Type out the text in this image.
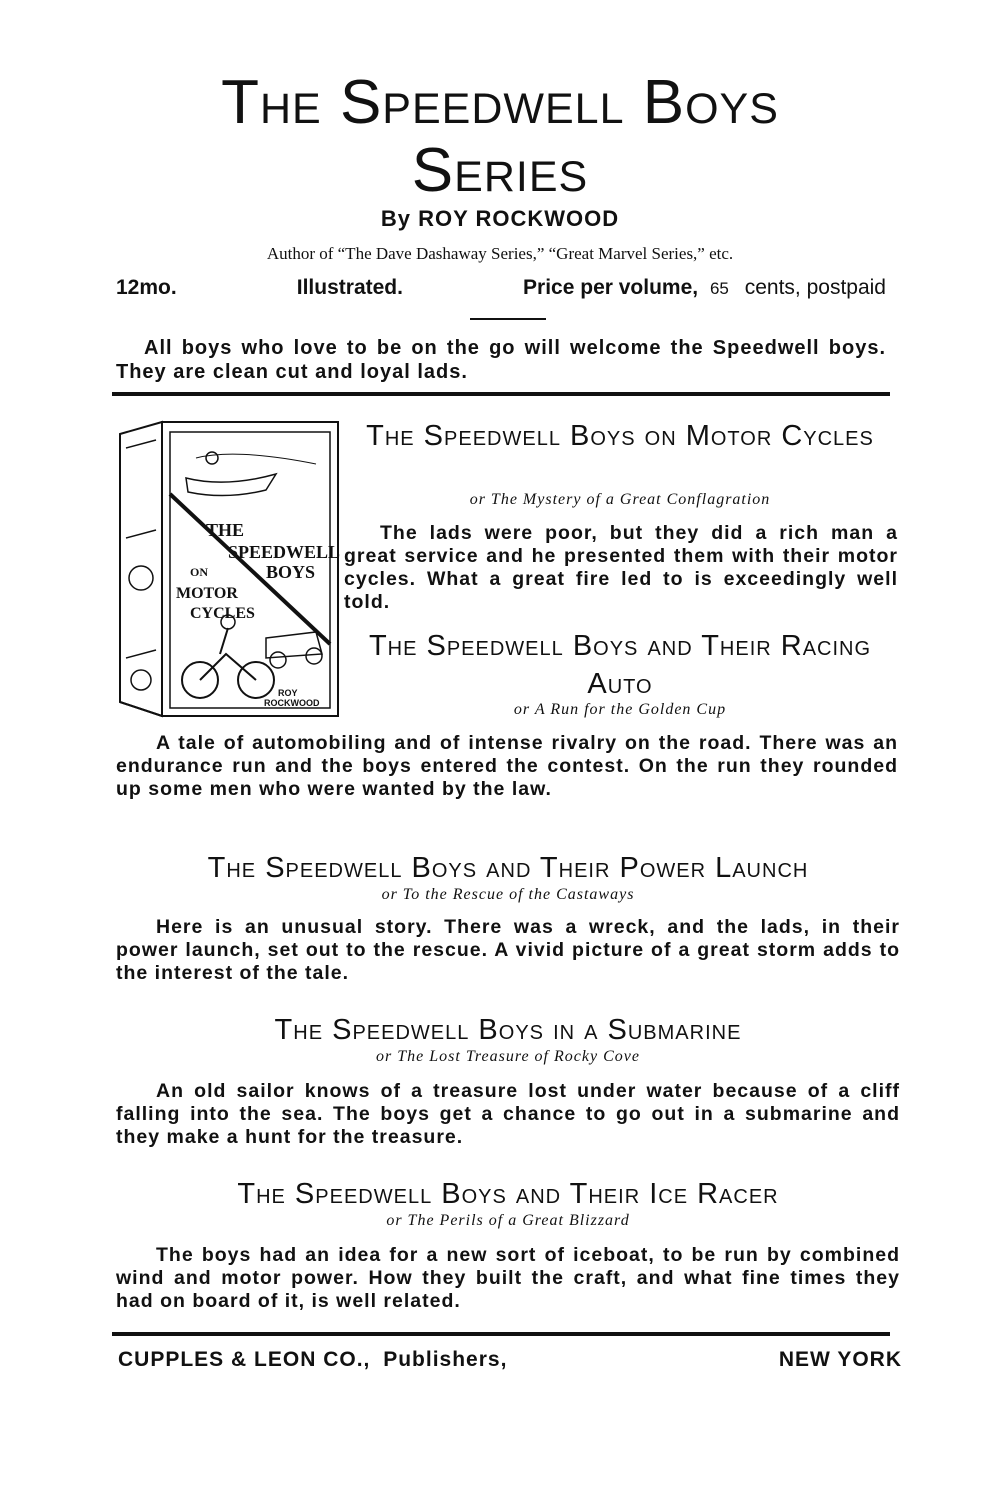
The Speedwell Boys
Series
By ROY ROCKWOOD
Author of “The Dave Dashaway Series,” “Great Marvel Series,” etc.
12mo.	Illustrated.	Price per volume, 65 cents, postpaid
All boys who love to be on the go will welcome the Speedwell boys. They are clean cut and loyal lads.
THE
SPEEDWELL
BOYS
ON
MOTOR
CYCLES
ROY
ROCKWOOD
The Speedwell Boys on Motor Cycles
or The Mystery of a Great Conflagration
The lads were poor, but they did a rich man a great service and he presented them with their motor cycles. What a great fire led to is exceedingly well told.
The Speedwell Boys and Their Racing Auto
or A Run for the Golden Cup
A tale of automobiling and of intense rivalry on the road. There was an endurance run and the boys entered the contest. On the run they rounded up some men who were wanted by the law.
The Speedwell Boys and Their Power Launch
or To the Rescue of the Castaways
Here is an unusual story. There was a wreck, and the lads, in their power launch, set out to the rescue. A vivid picture of a great storm adds to the interest of the tale.
The Speedwell Boys in a Submarine
or The Lost Treasure of Rocky Cove
An old sailor knows of a treasure lost under water because of a cliff falling into the sea. The boys get a chance to go out in a submarine and they make a hunt for the treasure.
The Speedwell Boys and Their Ice Racer
or The Perils of a Great Blizzard
The boys had an idea for a new sort of iceboat, to be run by combined wind and motor power. How they built the craft, and what fine times they had on board of it, is well related.
CUPPLES & LEON CO., Publishers,	NEW YORK
